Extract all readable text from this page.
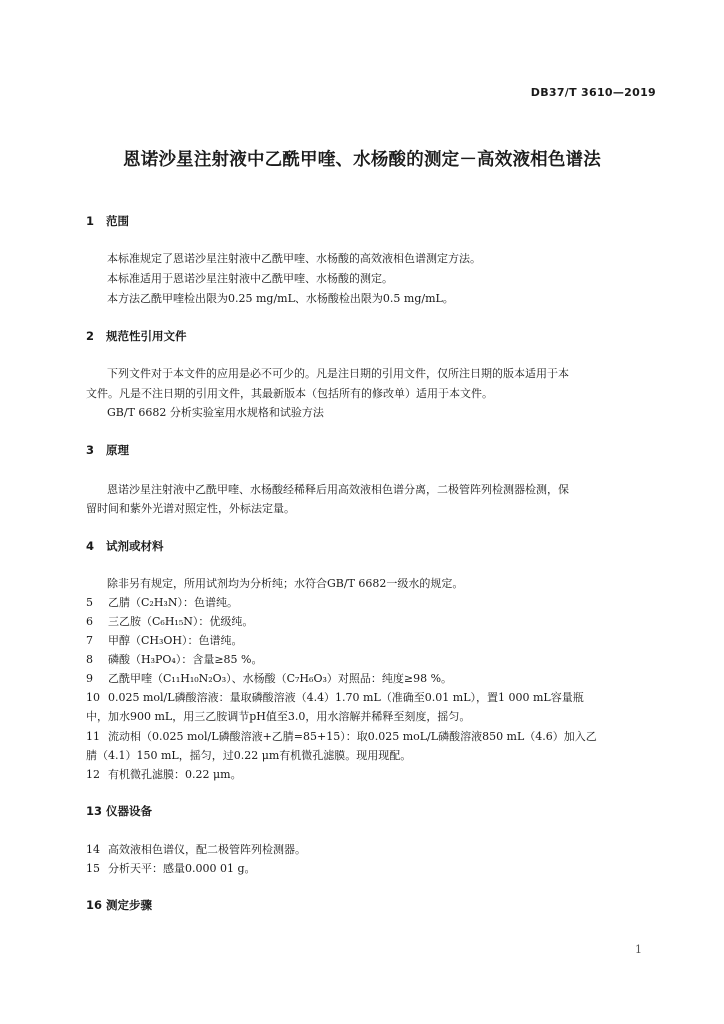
DB37/T 3610—2019
恩诺沙星注射液中乙酰甲喹、水杨酸的测定－高效液相色谱法
1 范围
本标准规定了恩诺沙星注射液中乙酰甲喹、水杨酸的高效液相色谱测定方法。
本标准适用于恩诺沙星注射液中乙酰甲喹、水杨酸的测定。
本方法乙酰甲喹检出限为0.25 mg/mL、水杨酸检出限为0.5 mg/mL。
2 规范性引用文件
下列文件对于本文件的应用是必不可少的。凡是注日期的引用文件，仅所注日期的版本适用于本
文件。凡是不注日期的引用文件，其最新版本（包括所有的修改单）适用于本文件。
GB/T 6682 分析实验室用水规格和试验方法
3 原理
恩诺沙星注射液中乙酰甲喹、水杨酸经稀释后用高效液相色谱分离，二极管阵列检测器检测，保
留时间和紫外光谱对照定性，外标法定量。
4 试剂或材料
除非另有规定，所用试剂均为分析纯；水符合GB/T 6682一级水的规定。
5 乙腈（C₂H₃N）：色谱纯。
6 三乙胺（C₆H₁₅N）：优级纯。
7 甲醇（CH₃OH）：色谱纯。
8 磷酸（H₃PO₄）：含量≥85 %。
9 乙酰甲喹（C₁₁H₁₀N₂O₃）、水杨酸（C₇H₆O₃）对照品：纯度≥98 %。
10 0.025 mol/L磷酸溶液：量取磷酸溶液（4.4）1.70 mL（准确至0.01 mL），置1 000 mL容量瓶
中，加水900 mL，用三乙胺调节pH值至3.0，用水溶解并稀释至刻度，摇匀。
11 流动相（0.025 mol/L磷酸溶液+乙腈=85+15）：取0.025 moL/L磷酸溶液850 mL（4.6）加入乙
腈（4.1）150 mL，摇匀，过0.22 μm有机微孔滤膜。现用现配。
12 有机微孔滤膜：0.22 μm。
13 仪器设备
14 高效液相色谱仪，配二极管阵列检测器。
15 分析天平：感量0.000 01 g。
16 测定步骤
1
